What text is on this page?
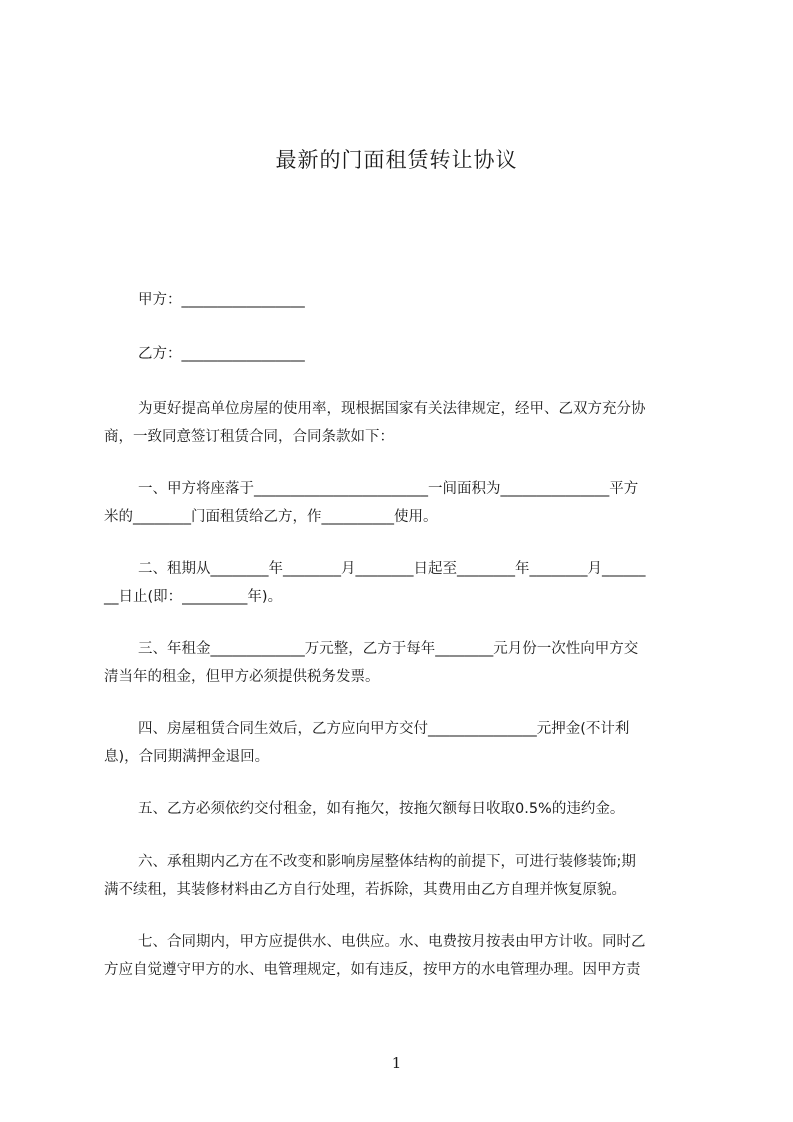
最新的门面租赁转让协议

甲方：_________________

乙方：_________________

为更好提高单位房屋的使用率，现根据国家有关法律规定，经甲、乙双方充分协
商，一致同意签订租赁合同，合同条款如下：
一、甲方将座落于________________________一间面积为_______________平方
米的________门面租赁给乙方，作__________使用。
二、租期从________年________月________日起至________年________月______
__日止(即：_________年)。
三、年租金_____________万元整，乙方于每年________元月份一次性向甲方交
清当年的租金，但甲方必须提供税务发票。
四、房屋租赁合同生效后，乙方应向甲方交付_______________元押金(不计利
息)，合同期满押金退回。
五、乙方必须依约交付租金，如有拖欠，按拖欠额每日收取0.5%的违约金。
六、承租期内乙方在不改变和影响房屋整体结构的前提下，可进行装修装饰;期
满不续租，其装修材料由乙方自行处理，若拆除，其费用由乙方自理并恢复原貌。
七、合同期内，甲方应提供水、电供应。水、电费按月按表由甲方计收。同时乙
方应自觉遵守甲方的水、电管理规定，如有违反，按甲方的水电管理办理。因甲方责
1
